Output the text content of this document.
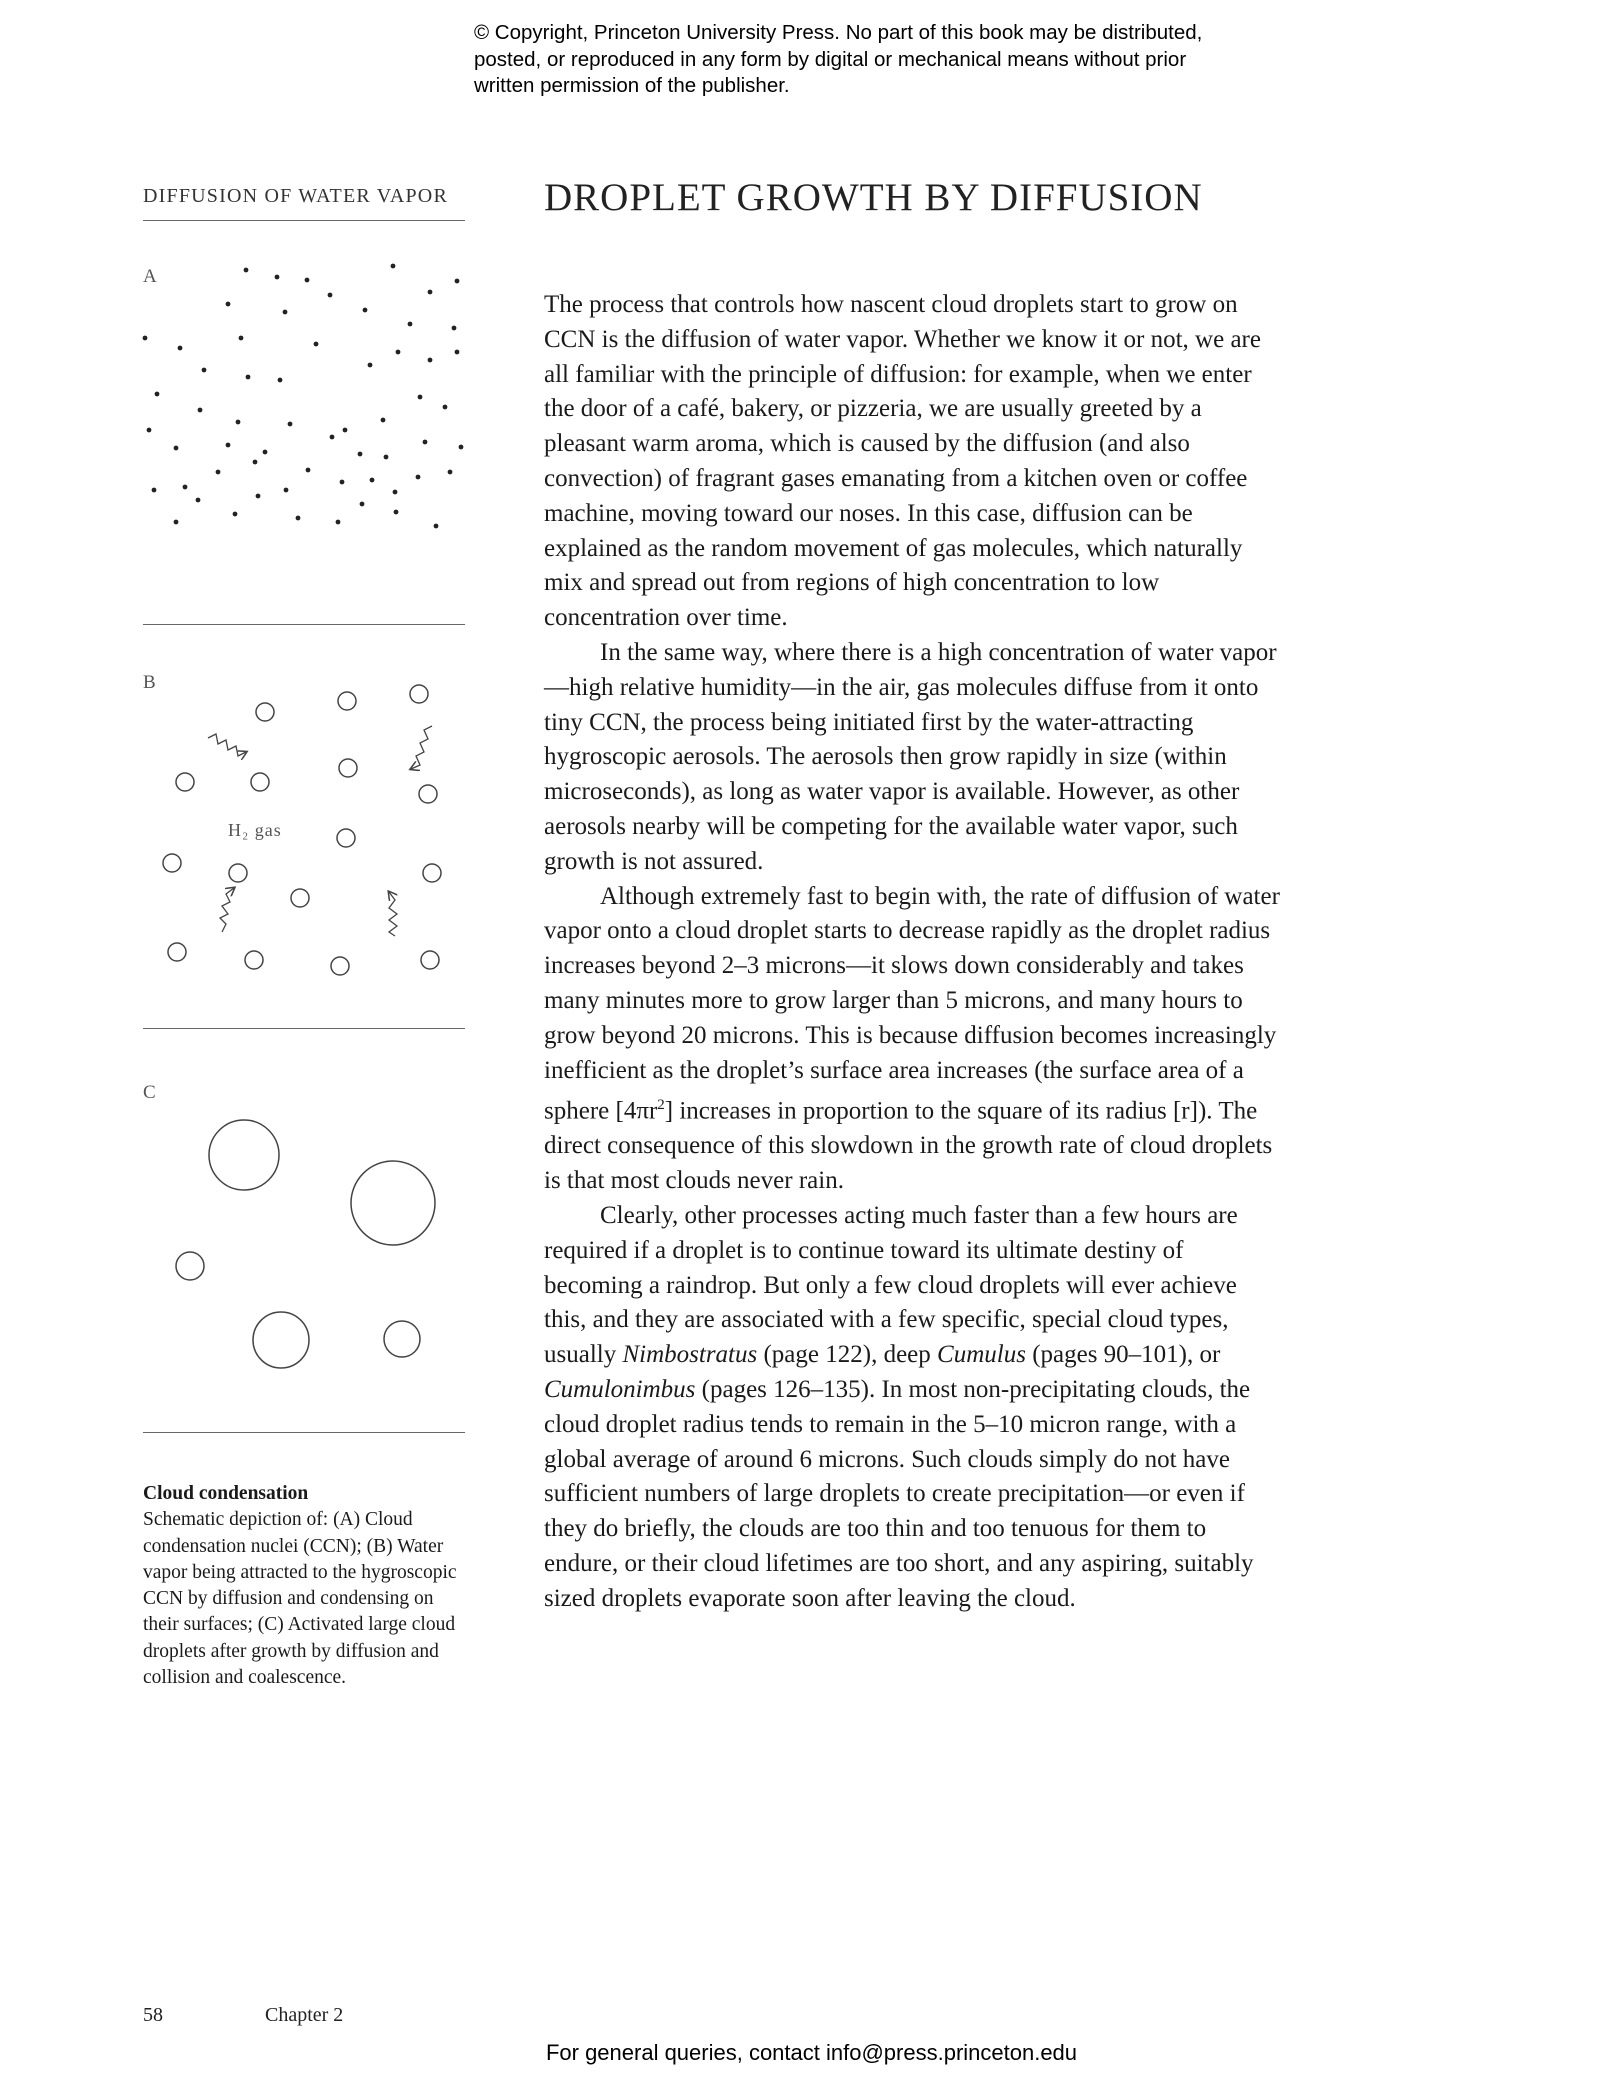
© Copyright, Princeton University Press. No part of this book may be distributed, posted, or reproduced in any form by digital or mechanical means without prior written permission of the publisher.
DIFFUSION OF WATER VAPOR
A
B
H₂ gas
C
Cloud condensation
Schematic depiction of: (A) Cloud condensation nuclei (CCN); (B) Water vapor being attracted to the hygroscopic CCN by diffusion and condensing on their surfaces; (C) Activated large cloud droplets after growth by diffusion and collision and coalescence.
DROPLET GROWTH BY DIFFUSION

The process that controls how nascent cloud droplets start to grow on CCN is the diffusion of water vapor. Whether we know it or not, we are all familiar with the principle of diffusion: for example, when we enter the door of a café, bakery, or pizzeria, we are usually greeted by a pleasant warm aroma, which is caused by the diffusion (and also convection) of fragrant gases emanating from a kitchen oven or coffee machine, moving toward our noses. In this case, diffusion can be explained as the random movement of gas molecules, which naturally mix and spread out from regions of high concentration to low concentration over time.

In the same way, where there is a high concentration of water vapor—high relative humidity—in the air, gas molecules diffuse from it onto tiny CCN, the process being initiated first by the water-attracting hygroscopic aerosols. The aerosols then grow rapidly in size (within microseconds), as long as water vapor is available. However, as other aerosols nearby will be competing for the available water vapor, such growth is not assured.

Although extremely fast to begin with, the rate of diffusion of water vapor onto a cloud droplet starts to decrease rapidly as the droplet radius increases beyond 2–3 microns—it slows down considerably and takes many minutes more to grow larger than 5 microns, and many hours to grow beyond 20 microns. This is because diffusion becomes increasingly inefficient as the droplet’s surface area increases (the surface area of a sphere $[4\pi r^2]$ increases in proportion to the square of its radius [r]). The direct consequence of this slowdown in the growth rate of cloud droplets is that most clouds never rain.

Clearly, other processes acting much faster than a few hours are required if a droplet is to continue toward its ultimate destiny of becoming a raindrop. But only a few cloud droplets will ever achieve this, and they are associated with a few specific, special cloud types, usually Nimbostratus (page 122), deep Cumulus (pages 90–101), or Cumulonimbus (pages 126–135). In most non-precipitating clouds, the cloud droplet radius tends to remain in the 5–10 micron range, with a global average of around 6 microns. Such clouds simply do not have sufficient numbers of large droplets to create precipitation—or even if they do briefly, the clouds are too thin and too tenuous for them to endure, or their cloud lifetimes are too short, and any aspiring, suitably sized droplets evaporate soon after leaving the cloud.

58	Chapter 2
For general queries, contact info@press.princeton.edu
